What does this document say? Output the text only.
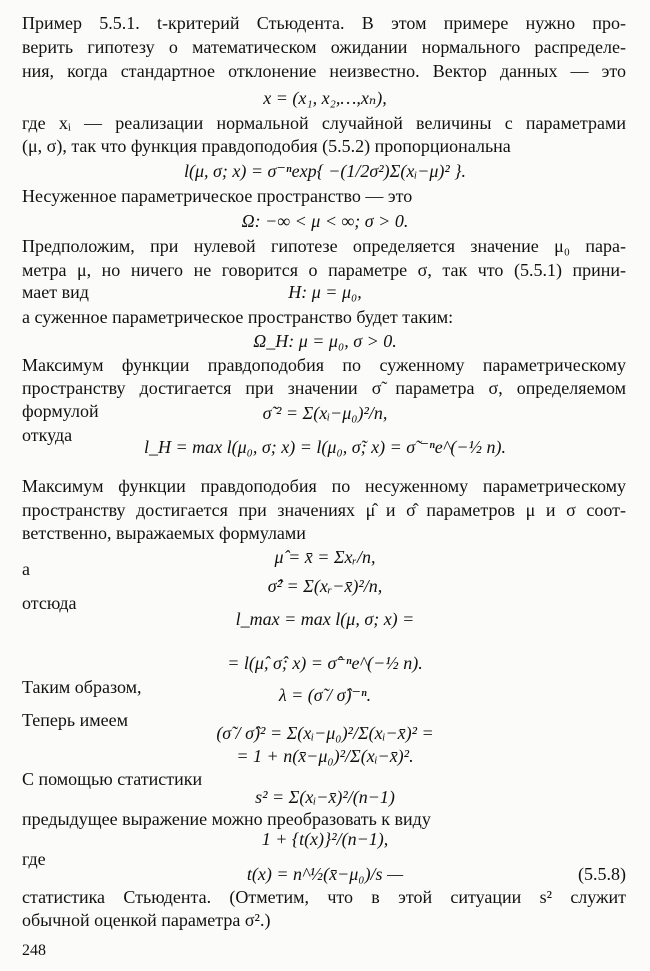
Пример 5.5.1. t-критерий Стьюдента. В этом примере нужно про-
верить гипотезу о математическом ожидании нормального распределе-
ния, когда стандартное отклонение неизвестно. Вектор данных — это
x = (x₁, x₂,…,xₙ),
где xᵢ — реализации нормальной случайной величины с параметрами
(μ, σ), так что функция правдоподобия (5.5.2) пропорциональна
l(μ, σ; x) = σ⁻ⁿexp{ −(1/2σ²)Σ(xᵢ−μ)² }.
Несуженное параметрическое пространство — это
Ω: −∞ < μ < ∞; σ > 0.
Предположим, при нулевой гипотезе определяется значение μ₀ пара-
метра μ, но ничего не говорится о параметре σ, так что (5.5.1) прини-
мает вид	H: μ = μ₀,
а суженное параметрическое пространство будет таким:
Ω_H: μ = μ₀, σ > 0.
Максимум функции правдоподобия по суженному параметрическому
пространству достигается при значении σ̃ параметра σ, определяемом
формулой	σ̃ ² = Σ(xᵢ−μ₀)²/n,
откуда
l_H = max l(μ₀, σ; x) = l(μ₀, σ̃; x) = σ̃ ⁻ⁿe^(−½ n).
Максимум функции правдоподобия по несуженному параметрическому
пространству достигается при значениях μ̂ и σ̂ параметров μ и σ соот-
ветственно, выражаемых формулами
μ̂ = x̄ = Σxᵣ/n,
а
σ̂² = Σ(xᵣ−x̄)²/n,
отсюда
l_max = max l(μ, σ; x) =
= l(μ̂, σ̂; x) = σ̂⁻ⁿe^(−½ n).
Таким образом,	λ = (σ̃ / σ̂)⁻ⁿ.
Теперь имеем
(σ̃ / σ̂)² = Σ(xᵢ−μ₀)²/Σ(xᵢ−x̄)² =
= 1 + n(x̄−μ₀)²/Σ(xᵢ−x̄)².
С помощью статистики
s² = Σ(xᵢ−x̄)²/(n−1)
предыдущее выражение можно преобразовать к виду
1 + {t(x)}²/(n−1),
где
t(x) = n^½(x̄−μ₀)/s —	(5.5.8)
статистика Стьюдента. (Отметим, что в этой ситуации s² служит
обычной оценкой параметра σ².)
248
